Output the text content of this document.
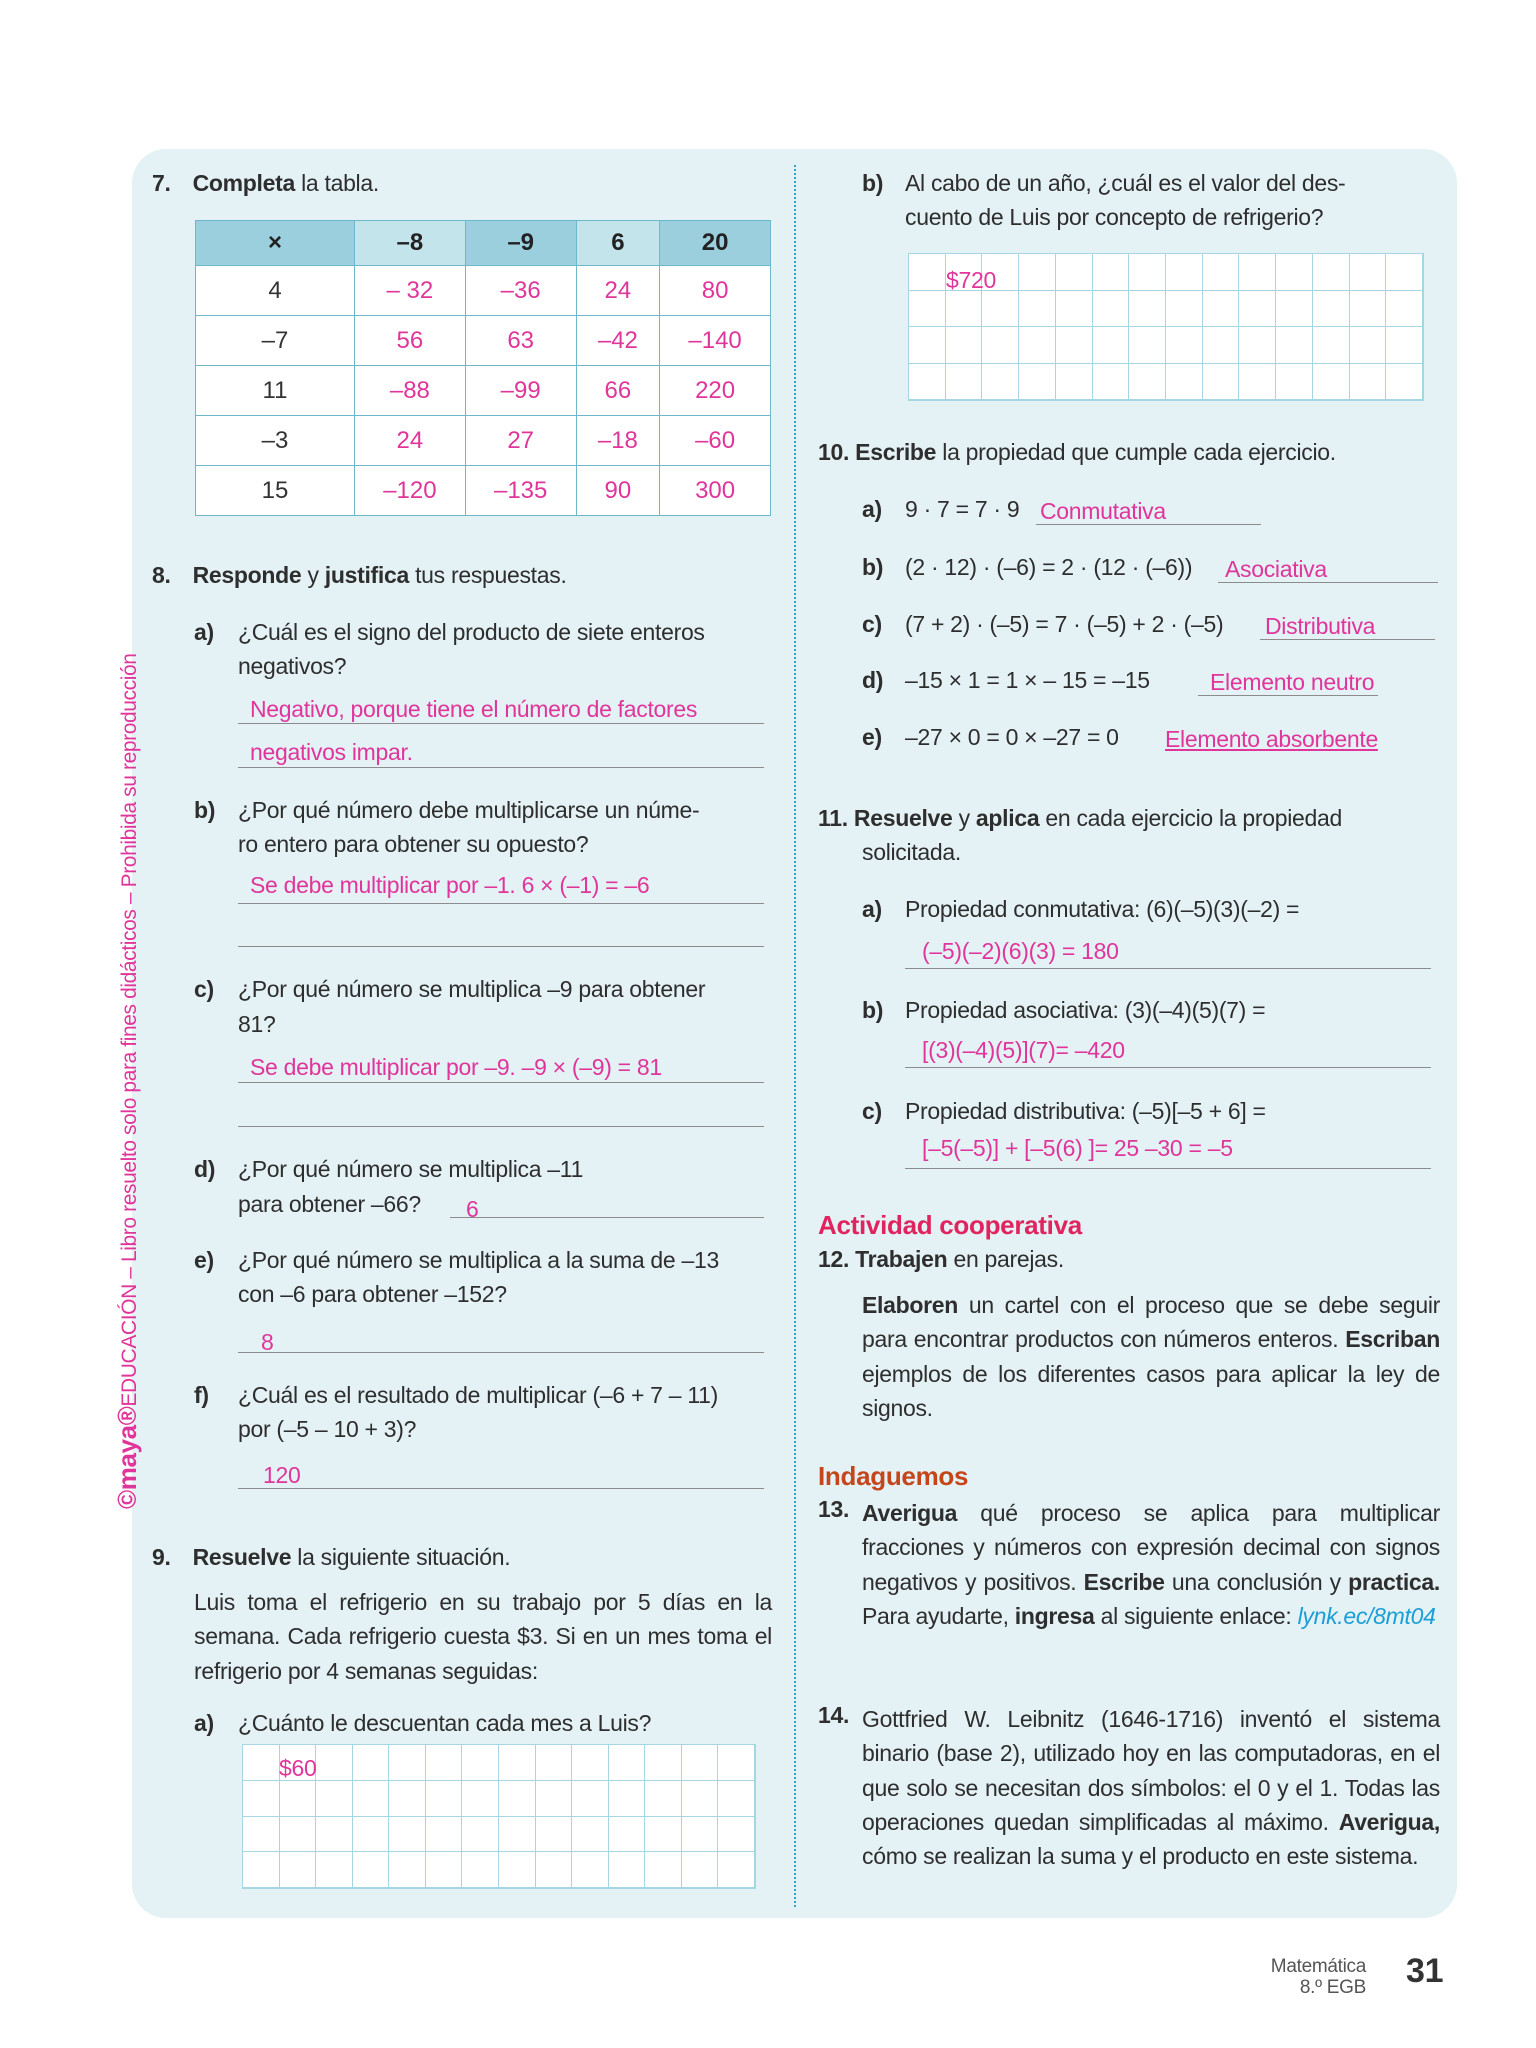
©maya®EDUCACIÓN – Libro resuelto solo para fines didácticos – Prohibida su reproducción
7. Completa la tabla.
×	–8	–9	6	20
4	– 32	–36	24	80
–7	56	63	–42	–140
11	–88	–99	66	220
–3	24	27	–18	–60
15	–120	–135	90	300
8. Responde y justifica tus respuestas.
a) ¿Cuál es el signo del producto de siete enteros
negativos?
Negativo, porque tiene el número de factores
negativos impar.
b) ¿Por qué número debe multiplicarse un núme-
ro entero para obtener su opuesto?
Se debe multiplicar por –1. 6 × (–1) = –6
c) ¿Por qué número se multiplica –9 para obtener
81?
Se debe multiplicar por –9. –9 × (–9) = 81
d) ¿Por qué número se multiplica –11
para obtener –66? 6
e) ¿Por qué número se multiplica a la suma de –13
con –6 para obtener –152?
8
f) ¿Cuál es el resultado de multiplicar (–6 + 7 – 11)
por (–5 – 10 + 3)?
120
9. Resuelve la siguiente situación.
Luis toma el refrigerio en su trabajo por 5 días en la semana. Cada refrigerio cuesta $3. Si en un mes toma el refrigerio por 4 semanas seguidas:
a) ¿Cuánto le descuentan cada mes a Luis?
$60
b) Al cabo de un año, ¿cuál es el valor del des-
cuento de Luis por concepto de refrigerio?
$720
10. Escribe la propiedad que cumple cada ejercicio.
11. Resuelve y aplica en cada ejercicio la propiedad
solicitada.
Actividad cooperativa
12. Trabajen en parejas.
Elaboren un cartel con el proceso que se debe seguir para encontrar productos con números enteros. Escriban ejemplos de los diferentes casos para aplicar la ley de signos.
Indaguemos
13. Averigua qué proceso se aplica para multiplicar fracciones y números con expresión decimal con signos negativos y positivos. Escribe una conclusión y practica. Para ayudarte, ingresa al siguiente enlace: lynk.ec/8mt04
14. Gottfried W. Leibnitz (1646-1716) inventó el sistema binario (base 2), utilizado hoy en las computadoras, en el que solo se necesitan dos símbolos: el 0 y el 1. Todas las operaciones quedan simplificadas al máximo. Averigua, cómo se realizan la suma y el producto en este sistema.
Matemática
8.º EGB 31
a) 9 · 7 = 7 · 9 Conmutativa
b) (2 · 12) · (–6) = 2 · (12 · (–6)) Asociativa
c) (7 + 2) · (–5) = 7 · (–5) + 2 · (–5) Distributiva
d) –15 × 1 = 1 × – 15 = –15	Elemento neutro
e) –27 × 0 = 0 × –27 = 0 Elemento absorbente
a) Propiedad conmutativa: (6)(–5)(3)(–2) =
(–5)(–2)(6)(3) = 180
b) Propiedad asociativa: (3)(–4)(5)(7) =
[(3)(–4)(5)](7)= –420
c) Propiedad distributiva: (–5)[–5 + 6] =
[–5(–5)] + [–5(6) ]= 25 –30 = –5
